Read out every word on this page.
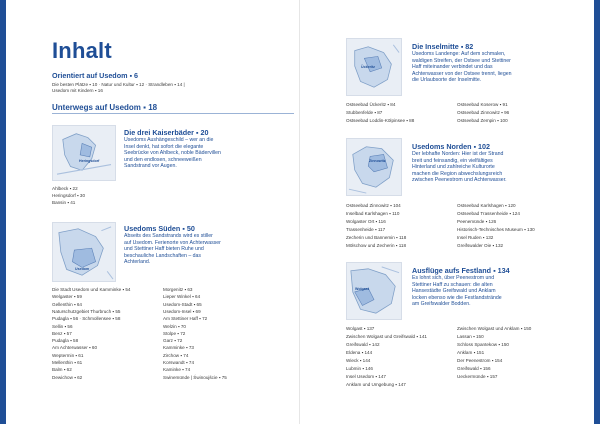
Inhalt
Orientiert auf Usedom ▪ 6
Die besten Plätze ▪ 10 · Natur und Kultur ▪ 12 · Strandleben ▪ 14 |
Usedom mit Kindern ▪ 16
Unterwegs auf Usedom ▪ 18
Heringsdorf
Die drei Kaiserbäder ▪ 20
Usedoms Aushängeschild – wer an die
Insel denkt, hat sofort die elegante
Seebrücke von Ahlbeck, noble Bädervillen
und den endlosen, schneeweißen
Sandstrand vor Augen.
Ahlbeck ▪ 22
Heringsdorf ▪ 30
Bansin ▪ 41
Usedom
Usedoms Süden ▪ 50
Abseits des Sandstrands wird es stiller
auf Usedom. Ferienorte von Achterwasser
und Stettiner Haff bieten Ruhe und
beschauliche Landschaften – das
Achterland.
Die Stadt Usedom und Kamminke ▪ 54
Welgaster ▪ 59
Gellenthin ▪ 64
Naturschutzgebiet Thurbruch ▪ 55
Pudagla ▪ 56 · Schmollensee ▪ 58
Sellin ▪ 56
Benz ▪ 57
Pudagla ▪ 58
Am Achterwasser ▪ 60
Weptermin ▪ 61
Mellenthin ▪ 61
Balm ▪ 62
Dewichow ▪ 62
Morgenitz ▪ 63
Lieper Winkel ▪ 64
Usedom-Stadt ▪ 65
Usedom-Insel ▪ 69
Am Stettiner Haff ▪ 72
Welzin ▪ 70
Stolpe ▪ 72
Garz ▪ 72
Kamminke ▪ 73
Zirchow ▪ 74
Korswandt ▪ 74
Kaminke ▪ 74
Swinemünde | Świnoujście ▪ 75
Ückeritz
Die Inselmitte ▪ 82
Usedoms Landenge: Auf dem schmalen,
waldigen Streifen, der Ostsee und Stettiner
Haff miteinander verbindet und das
Achterwasser von der Ostsee trennt, liegen
die Urlaubsorte der Inselmitte.
Ostseebad Ückeritz ▪ 84
Stubbenfelde ▪ 87
Ostseebad Loddin-Kölpinsee ▪ 88
Ostseebad Koserow ▪ 91
Ostseebad Zinnowitz ▪ 96
Ostseebad Zempin ▪ 100
Zinnowitz
Usedoms Norden ▪ 102
Der lebhafte Norden: Hier ist der Strand
breit und feinsandig, ein vielfältiges
Hinterland und zahlreiche Kulturorte
machen die Region abwechslungsreich
zwischen Peenestrom und Achterwasser.
Ostseebad Zinnowitz ▪ 104
Inselbad Karlshagen ▪ 110
Wolgaster Ort ▪ 116
Trassenheide ▪ 117
Zecherin und Bannemin ▪ 118
Mölschow und Zecherin ▪ 118
Ostseebad Karlshagen ▪ 120
Ostseebad Trassenheide ▪ 124
Peenemünde ▪ 126
Historisch-Technisches Museum ▪ 130
Insel Ruden ▪ 132
Greifswalder Oie ▪ 132
Wolgast
Ausflüge aufs Festland ▪ 134
Es lohnt sich, über Peenestrom und
Stettiner Haff zu schauen: die alten
Hansestädte Greifswald und Anklam
locken ebenso wie die Festlandstrände
am Greifswalder Bodden.
Wolgast ▪ 137
Zwischen Wolgast und Greifswald ▪ 141
Greifswald ▪ 142
Eldena ▪ 144
Wieck ▪ 144
Lubmin ▪ 146
Insel Usedom ▪ 147
Anklam und Umgebung ▪ 147
Zwischen Wolgast und Anklam ▪ 150
Lassan ▪ 150
Schloss Spantekow ▪ 150
Anklam ▪ 151
Der Peenestrom ▪ 154
Greifswald ▪ 156
Ueckermünde ▪ 157
